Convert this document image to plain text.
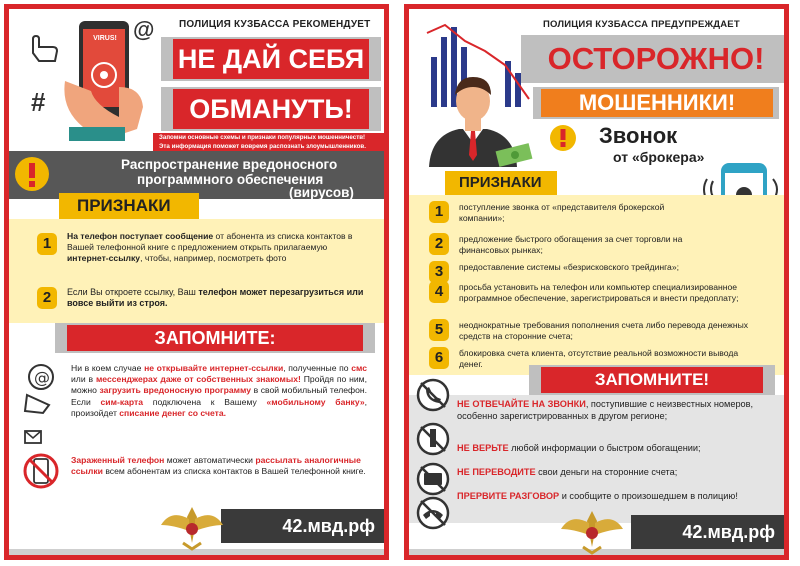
#
@
VIRUS!
ПОЛИЦИЯ КУЗБАССА РЕКОМЕНДУЕТ
НЕ ДАЙ СЕБЯ
ОБМАНУТЬ!
Запомни основные схемы и признаки популярных мошенничеств!
Эта информация поможет вовремя распознать злоумышленников.
Распространение вредоносного
программного обеспечения
(вирусов)
ПРИЗНАКИ
1	На телефон поступает сообщение от абонента из списка контактов в Вашей телефонной книге с предложением открыть прилагаемую интернет-ссылку, чтобы, например, посмотреть фото
2	Если Вы откроете ссылку, Ваш телефон может перезагрузиться или вовсе выйти из строя.
ЗАПОМНИТЕ:
@ Ни в коем случае не открывайте интернет-ссылки, полученные по смс или в мессенджерах даже от собственных знакомых! Пройдя по ним, можно загрузить вредоносную программу в свой мобильный телефон. Если сим-карта подключена к Вашему «мобильному банку», произойдет списание денег со счета.
Зараженный телефон может автоматически рассылать аналогичные ссылки всем абонентам из списка контактов в Вашей телефонной книге.
42.мвд.рф
ПОЛИЦИЯ КУЗБАССА ПРЕДУПРЕЖДАЕТ
ОСТОРОЖНО!
МОШЕННИКИ!
Звонок
от «брокера»
ПРИЗНАКИ
1	поступление звонка от «представителя брокерской компании»;
2	предложение быстрого обогащения за счет торговли на финансовых рынках;
3	предоставление системы «безрисковского трейдинга»;
4	просьба установить на телефон или компьютер специализированное программное обеспечение, зарегистрироваться и внести предоплату;
5	неоднократные требования пополнения счета либо перевода денежных средств на сторонние счета;
6	блокировка счета клиента, отсутствие реальной возможности вывода денег.
ЗАПОМНИТЕ!
НЕ ОТВЕЧАЙТЕ НА ЗВОНКИ, поступившие с неизвестных номеров, особенно зарегистрированных в другом регионе;
НЕ ВЕРЬТЕ любой информации о быстром обогащении;
НЕ ПЕРЕВОДИТЕ свои деньги на сторонние счета;
ПРЕРВИТЕ РАЗГОВОР и сообщите о произошедшем в полицию!
42.мвд.рф
